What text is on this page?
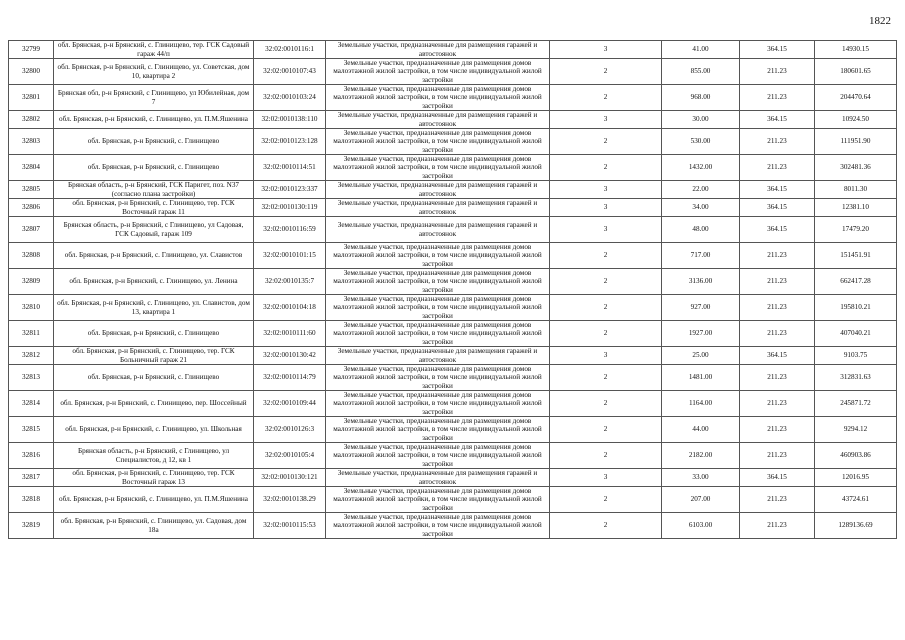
1822
32799	обл. Брянская, р-н Брянский, с. Глинищево, тер. ГСК Садовый гараж 44/п	32:02:0010116:1	Земельные участки, предназначенные для размещения гаражей и автостоянок	3	41.00	364.15	14930.15
32800	обл. Брянская, р-н Брянский, с. Глинищево, ул. Советская, дом 10, квартира 2	32:02:0010107:43	Земельные участки, предназначенные для размещения домов малоэтажной жилой застройки, в том числе индивидуальной жилой застройки	2	855.00	211.23	180601.65
32801	Брянская обл, р-н Брянский, с Глинищево, ул Юбилейная, дом 7	32:02:0010103:24	Земельные участки, предназначенные для размещения домов малоэтажной жилой застройки, в том числе индивидуальной жилой застройки	2	968.00	211.23	204470.64
32802	обл. Брянская, р-н Брянский, с. Глинищево, ул. П.М.Яшенина	32:02:0010138:110	Земельные участки, предназначенные для размещения гаражей и автостоянок	3	30.00	364.15	10924.50
32803	обл. Брянская, р-н Брянский, с. Глинищево	32:02:0010123:128	Земельные участки, предназначенные для размещения домов малоэтажной жилой застройки, в том числе индивидуальной жилой застройки	2	530.00	211.23	111951.90
32804	обл. Брянская, р-н Брянский, с. Глинищево	32:02:0010114:51	Земельные участки, предназначенные для размещения домов малоэтажной жилой застройки, в том числе индивидуальной жилой застройки	2	1432.00	211.23	302481.36
32805	Брянская область, р-н Брянский, ГСК Паригет, поз. N37 (согласно плана застройки)	32:02:0010123:337	Земельные участки, предназначенные для размещения гаражей и автостоянок	3	22.00	364.15	8011.30
32806	обл. Брянская, р-н Брянский, с. Глинищево, тер. ГСК Восточный гараж 11	32:02:0010130:119	Земельные участки, предназначенные для размещения гаражей и автостоянок	3	34.00	364.15	12381.10
32807	Брянская область, р-н Брянский, с Глинищево, ул Садовая, ГСК Садовый, гараж 109	32:02:0010116:59	Земельные участки, предназначенные для размещения гаражей и автостоянок	3	48.00	364.15	17479.20
32808	обл. Брянская, р-н Брянский, с. Глинищево, ул. Славистов	32:02:0010101:15	Земельные участки, предназначенные для размещения домов малоэтажной жилой застройки, в том числе индивидуальной жилой застройки	2	717.00	211.23	151451.91
32809	обл. Брянская, р-н Брянский, с. Глинищево, ул. Ленина	32:02:0010135:7	Земельные участки, предназначенные для размещения домов малоэтажной жилой застройки, в том числе индивидуальной жилой застройки	2	3136.00	211.23	662417.28
32810	обл. Брянская, р-н Брянский, с. Глинищево, ул. Славистов, дом 13, квартира 1	32:02:0010104:18	Земельные участки, предназначенные для размещения домов малоэтажной жилой застройки, в том числе индивидуальной жилой застройки	2	927.00	211.23	195810.21
32811	обл. Брянская, р-н Брянский, с. Глинищево	32:02:0010111:60	Земельные участки, предназначенные для размещения домов малоэтажной жилой застройки, в том числе индивидуальной жилой застройки	2	1927.00	211.23	407040.21
32812	обл. Брянская, р-н Брянский, с. Глинищево, тер. ГСК Больничный гараж 21	32:02:0010130:42	Земельные участки, предназначенные для размещения гаражей и автостоянок	3	25.00	364.15	9103.75
32813	обл. Брянская, р-н Брянский, с. Глинищево	32:02:0010114:79	Земельные участки, предназначенные для размещения домов малоэтажной жилой застройки, в том числе индивидуальной жилой застройки	2	1481.00	211.23	312831.63
32814	обл. Брянская, р-н Брянский, с. Глинищево, пер. Шоссейный	32:02:0010109:44	Земельные участки, предназначенные для размещения домов малоэтажной жилой застройки, в том числе индивидуальной жилой застройки	2	1164.00	211.23	245871.72
32815	обл. Брянская, р-н Брянский, с. Глинищево, ул. Школьная	32:02:0010126:3	Земельные участки, предназначенные для размещения домов малоэтажной жилой застройки, в том числе индивидуальной жилой застройки	2	44.00	211.23	9294.12
32816	Брянская область, р-н Брянский, с Глинищево, ул Специалистов, д 12, кв 1	32:02:0010105:4	Земельные участки, предназначенные для размещения домов малоэтажной жилой застройки, в том числе индивидуальной жилой застройки	2	2182.00	211.23	460903.86
32817	обл. Брянская, р-н Брянский, с. Глинищево, тер. ГСК Восточный гараж 13	32:02:0010130:121	Земельные участки, предназначенные для размещения гаражей и автостоянок	3	33.00	364.15	12016.95
32818	обл. Брянская, р-н Брянский, с. Глинищево, ул. П.М.Яшенина	32:02:0010138.29	Земельные участки, предназначенные для размещения домов малоэтажной жилой застройки, в том числе индивидуальной жилой застройки	2	207.00	211.23	43724.61
32819	обл. Брянская, р-н Брянский, с. Глинищево, ул. Садовая, дом 18а	32:02:0010115:53	Земельные участки, предназначенные для размещения домов малоэтажной жилой застройки, в том числе индивидуальной жилой застройки	2	6103.00	211.23	1289136.69
